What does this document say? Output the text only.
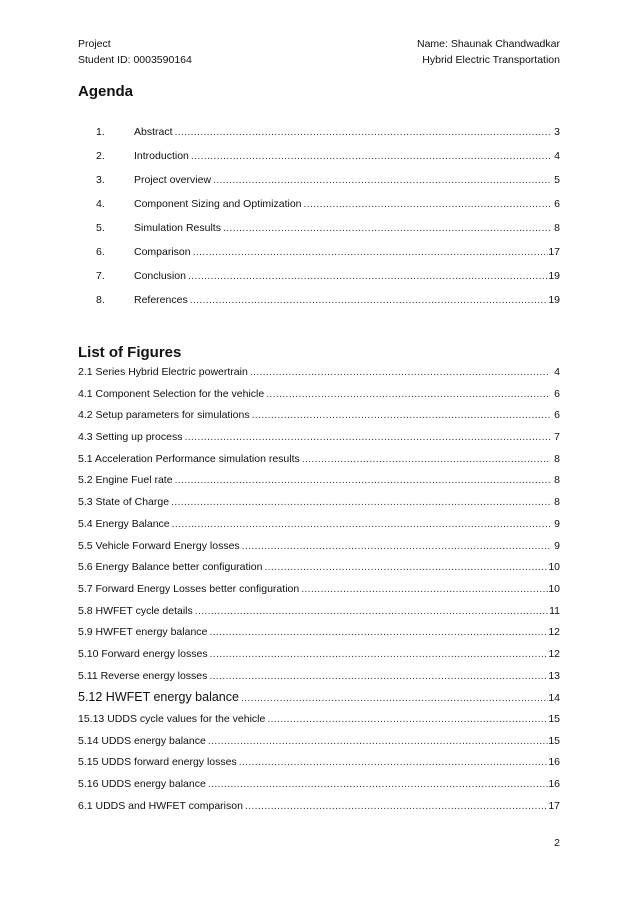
Project
Student ID: 0003590164
Name: Shaunak Chandwadkar
Hybrid Electric Transportation
Agenda
1.	Abstract .....	3
2.	Introduction .....	4
3.	Project overview .....	5
4.	Component Sizing and Optimization .....	6
5.	Simulation Results .....	8
6.	Comparison .....	17
7.	Conclusion .....	19
8.	References .....	19
List of Figures
2.1 Series Hybrid Electric powertrain .....	4
4.1 Component Selection for the vehicle .....	6
4.2 Setup parameters for simulations .....	6
4.3 Setting up process .....	7
5.1 Acceleration Performance simulation results .....	8
5.2 Engine Fuel rate .....	8
5.3 State of Charge .....	8
5.4 Energy Balance .....	9
5.5 Vehicle Forward Energy losses .....	9
5.6 Energy Balance better configuration .....	10
5.7 Forward Energy Losses better configuration .....	10
5.8 HWFET cycle details .....	11
5.9 HWFET energy balance .....	12
5.10 Forward energy losses .....	12
5.11 Reverse energy losses .....	13
5.12 HWFET energy balance .....	14
15.13 UDDS cycle values for the vehicle .....	15
5.14 UDDS energy balance .....	15
5.15 UDDS forward energy losses .....	16
5.16 UDDS energy balance .....	16
6.1 UDDS and HWFET comparison .....	17
2
